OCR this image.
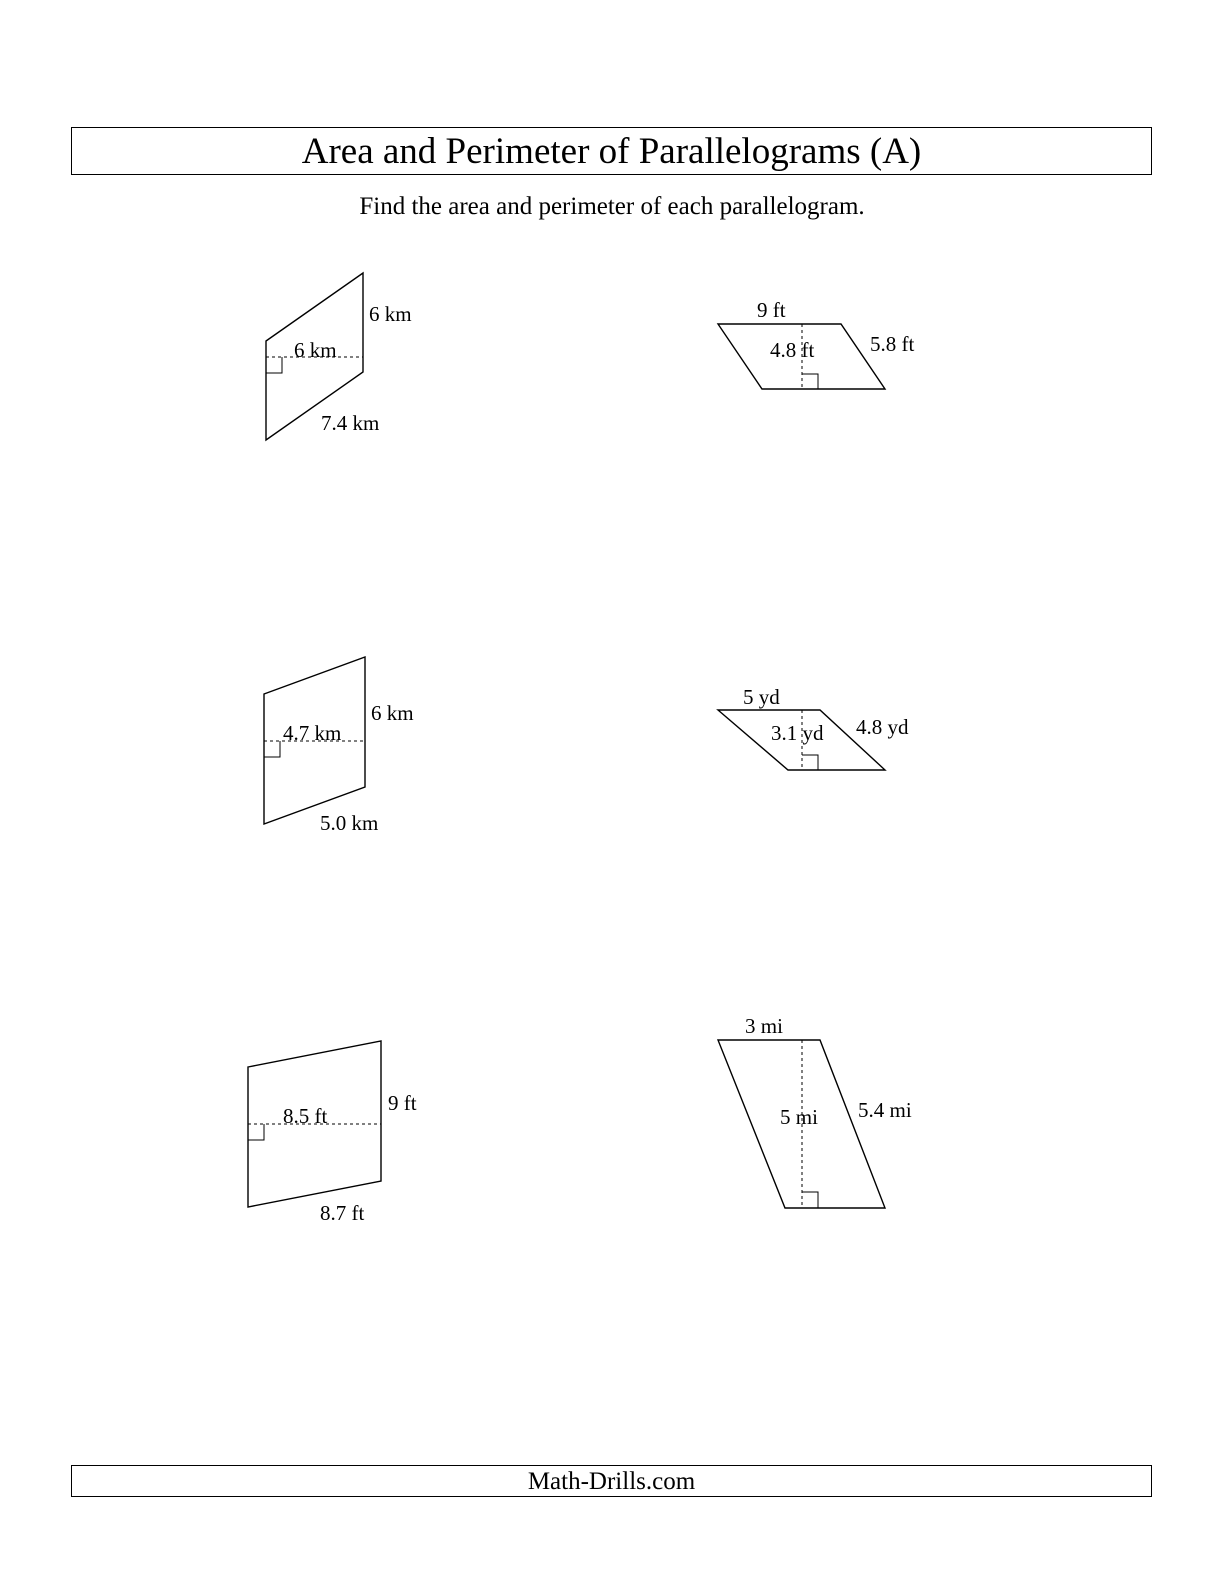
Area and Perimeter of Parallelograms (A)
Find the area and perimeter of each parallelogram.
6 km
6 km
7.4 km
9 ft
4.8 ft	5.8 ft
6 km
4.7 km
5.0 km
5 yd
3.1 yd 4.8 yd
9 ft
8.5 ft
8.7 ft
3 mi
5 mi 5.4 mi
Math-Drills.com
